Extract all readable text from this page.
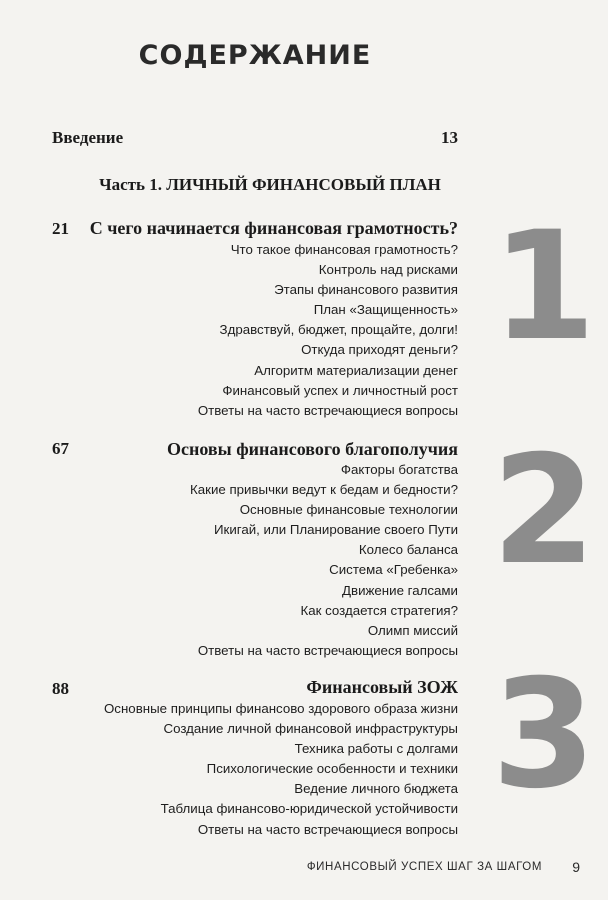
СОДЕРЖАНИЕ
Введение	13
Часть 1. ЛИЧНЫЙ ФИНАНСОВЫЙ ПЛАН
21 С чего начинается финансовая грамотность?
Что такое финансовая грамотность?
Контроль над рисками
Этапы финансового развития
План «Защищенность»
Здравствуй, бюджет, прощайте, долги!
Откуда приходят деньги?
Алгоритм материализации денег
Финансовый успех и личностный рост
Ответы на часто встречающиеся вопросы
1
67	Основы финансового благополучия
Факторы богатства
Какие привычки ведут к бедам и бедности?
Основные финансовые технологии
Икигай, или Планирование своего Пути
Колесо баланса
Система «Гребенка»
Движение галсами
Как создается стратегия?
Олимп миссий
Ответы на часто встречающиеся вопросы
2
88	Финансовый ЗОЖ
Основные принципы финансово здорового образа жизни
Создание личной финансовой инфраструктуры
Техника работы с долгами
Психологические особенности и техники
Ведение личного бюджета
Таблица финансово-юридической устойчивости
Ответы на часто встречающиеся вопросы
3
ФИНАНСОВЫЙ УСПЕХ ШАГ ЗА ШАГОМ 9
